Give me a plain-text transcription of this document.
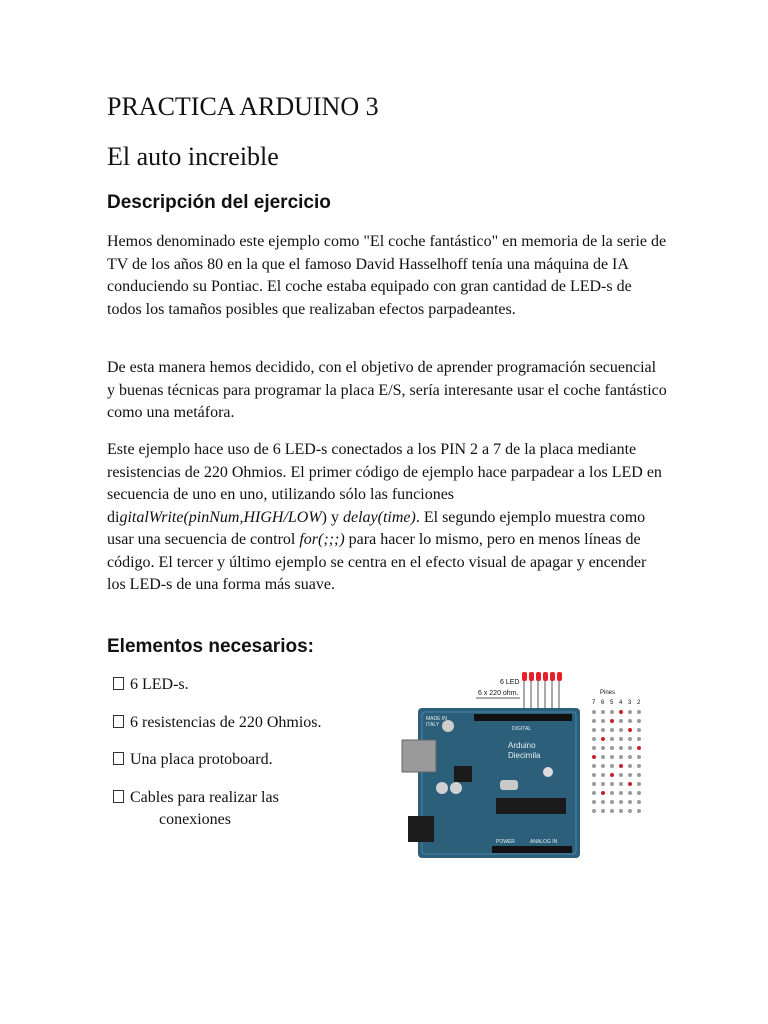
PRACTICA ARDUINO 3
El auto increible
Descripción del ejercicio

Hemos denominado este ejemplo como "El coche fantástico" en memoria de la serie de TV de los años 80 en la que el famoso David Hasselhoff tenía una máquina de IA conduciendo su Pontiac. El coche estaba equipado con gran cantidad de LED-s de todos los tamaños posibles que realizaban efectos parpadeantes.

De esta manera hemos decidido, con el objetivo de aprender programación secuencial y buenas técnicas para programar la placa E/S, sería interesante usar el coche fantástico como una metáfora.

Este ejemplo hace uso de 6 LED-s conectados a los PIN 2 a 7 de la placa mediante resistencias de 220 Ohmios. El primer código de ejemplo hace parpadear a los LED en secuencia de uno en uno, utilizando sólo las funciones digitalWrite(pinNum,HIGH/LOW) y delay(time). El segundo ejemplo muestra como usar una secuencia de control for(;;;) para hacer lo mismo, pero en menos líneas de código. El tercer y último ejemplo se centra en el efecto visual de apagar y encender los LED-s de una forma más suave.

Elementos necesarios:
6 LED-s.
6 resistencias de 220 Ohmios.
Una placa protoboard.
Cables para realizar las
conexiones
6 LED
6 x 220 ohm.
MADE IN
ITALY
Arduino
Diecimila
DIGITAL
ANALOG IN
POWER
Pines
7 6 5 4 3 2
